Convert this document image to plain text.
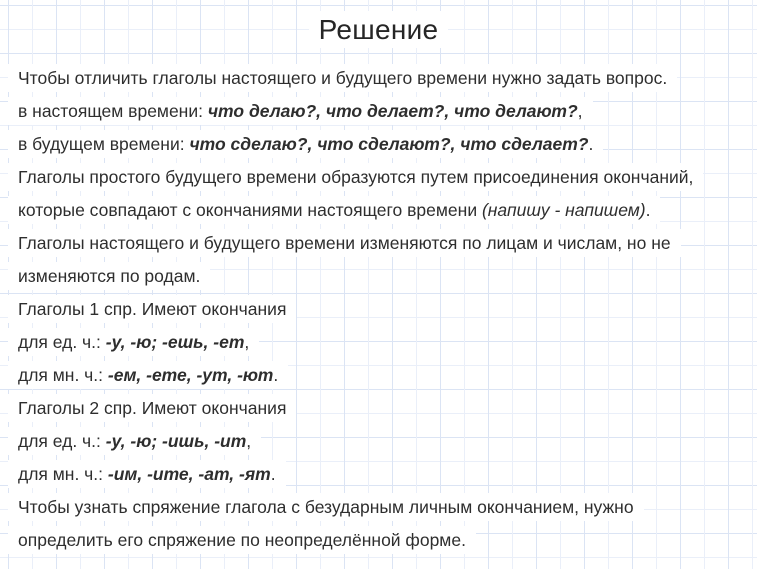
Решение
Чтобы отличить глаголы настоящего и будущего времени нужно задать вопрос.
в настоящем времени: что делаю?, что делает?, что делают?,
в будущем времени: что сделаю?, что сделают?, что сделает?.
Глаголы простого будущего времени образуются путем присоединения окончаний,
которые совпадают с окончаниями настоящего времени (напишу - напишем).
Глаголы настоящего и будущего времени изменяются по лицам и числам, но не
изменяются по родам.
Глаголы 1 спр. Имеют окончания
для ед. ч.: -у, -ю; -ешь, -ет,
для мн. ч.: -ем, -ете, -ут, -ют.
Глаголы 2 спр. Имеют окончания
для ед. ч.: -у, -ю; -ишь, -ит,
для мн. ч.: -им, -ите, -ат, -ят.
Чтобы узнать спряжение глагола с безударным личным окончанием, нужно
определить его спряжение по неопределённой форме.
